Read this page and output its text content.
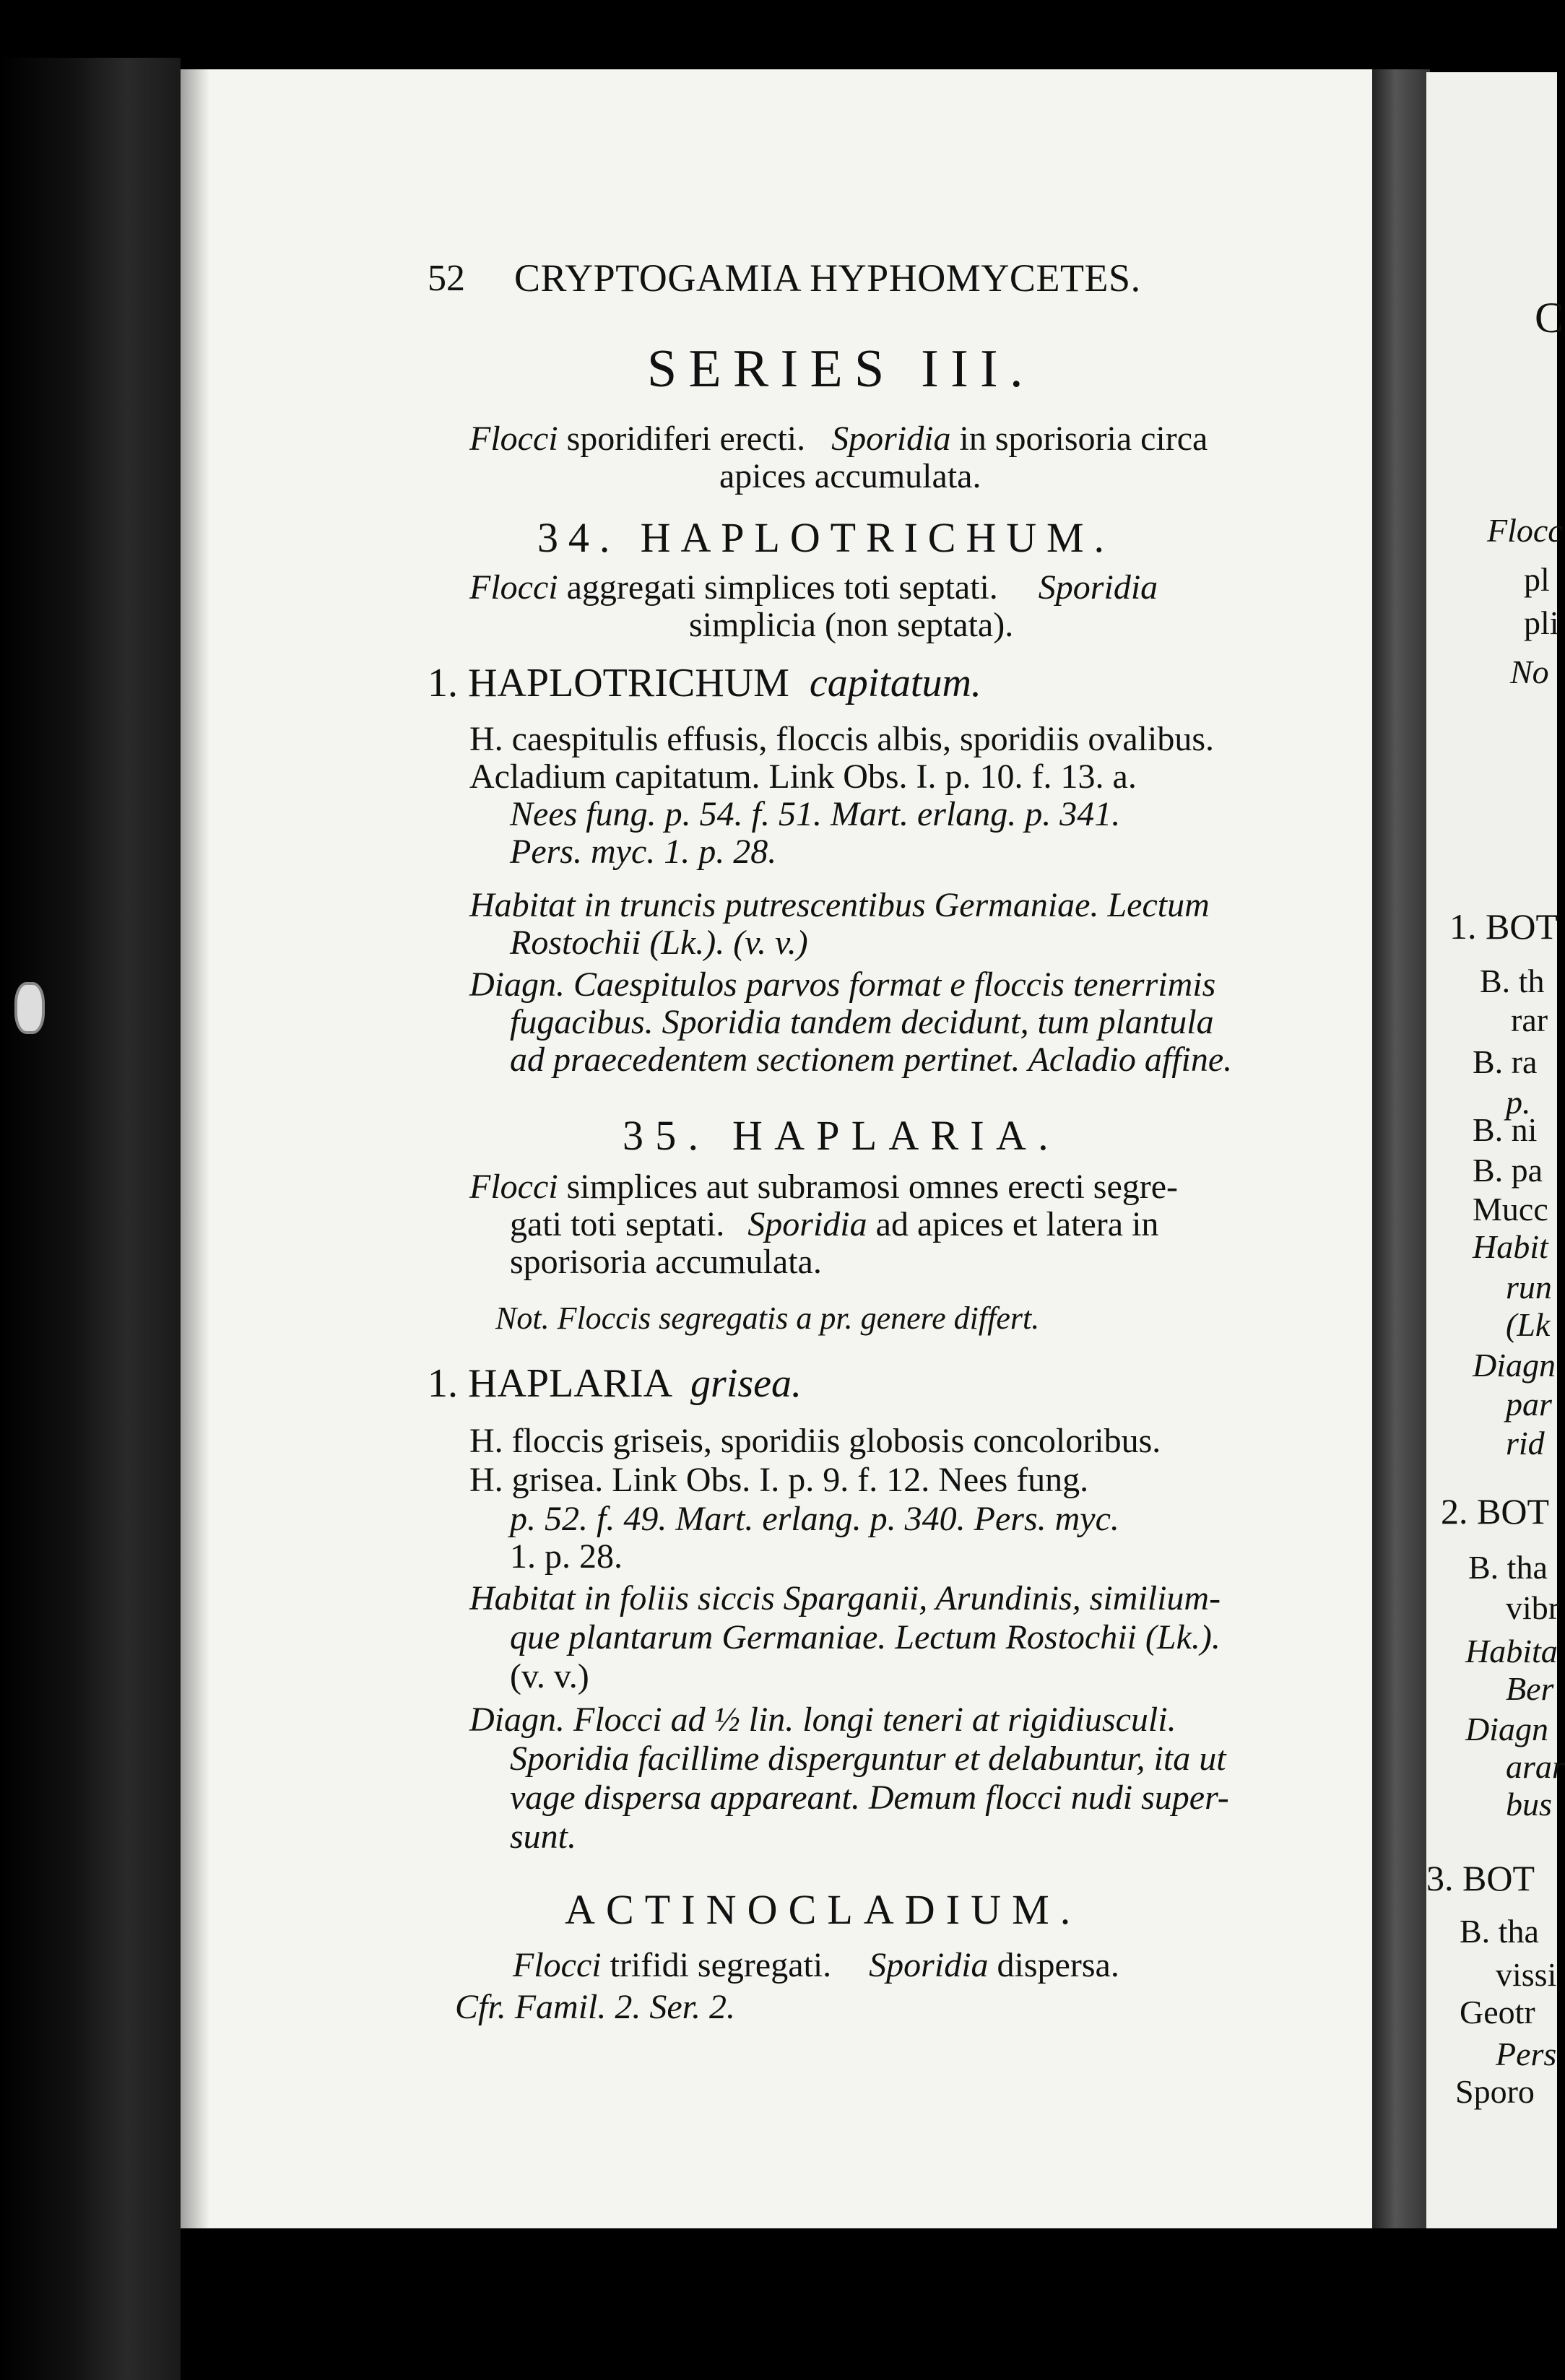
C
Flocc
pl
pli
No
1. BOT
B. th
rar
B. ra
p.
B. ni
B. pa
Mucc
Habit
run
(Lk
Diagn
par
rid
2. BOT
B. tha
vibr
Habita
Ber
Diagn
arar
bus
3. BOT
B. tha
vissi
Geotr
Pers
Sporo
52 CRYPTOGAMIA HYPHOMYCETES.
SERIES III.
Flocci sporidiferi erecti. Sporidia in sporisoria circa
apices accumulata.
34. HAPLOTRICHUM.
Flocci aggregati simplices toti septati. Sporidia
simplicia (non septata).
1. HAPLOTRICHUM capitatum.
H. caespitulis effusis, floccis albis, sporidiis ovalibus.
Acladium capitatum. Link Obs. I. p. 10. f. 13. a.
Nees fung. p. 54. f. 51. Mart. erlang. p. 341.
Pers. myc. 1. p. 28.
Habitat in truncis putrescentibus Germaniae. Lectum
Rostochii (Lk.). (v. v.)
Diagn. Caespitulos parvos format e floccis tenerrimis
fugacibus. Sporidia tandem decidunt, tum plantula
ad praecedentem sectionem pertinet. Acladio affine.
35. HAPLARIA.
Flocci simplices aut subramosi omnes erecti segre-
gati toti septati. Sporidia ad apices et latera in
sporisoria accumulata.
Not. Floccis segregatis a pr. genere differt.
1. HAPLARIA grisea.
H. floccis griseis, sporidiis globosis concoloribus.
H. grisea. Link Obs. I. p. 9. f. 12. Nees fung.
p. 52. f. 49. Mart. erlang. p. 340. Pers. myc.
1. p. 28.
Habitat in foliis siccis Sparganii, Arundinis, similium-
que plantarum Germaniae. Lectum Rostochii (Lk.).
(v. v.)
Diagn. Flocci ad ½ lin. longi teneri at rigidiusculi.
Sporidia facillime disperguntur et delabuntur, ita ut
vage dispersa appareant. Demum flocci nudi super-
sunt.
ACTINOCLADIUM.
Flocci trifidi segregati. Sporidia dispersa.
Cfr. Famil. 2. Ser. 2.
